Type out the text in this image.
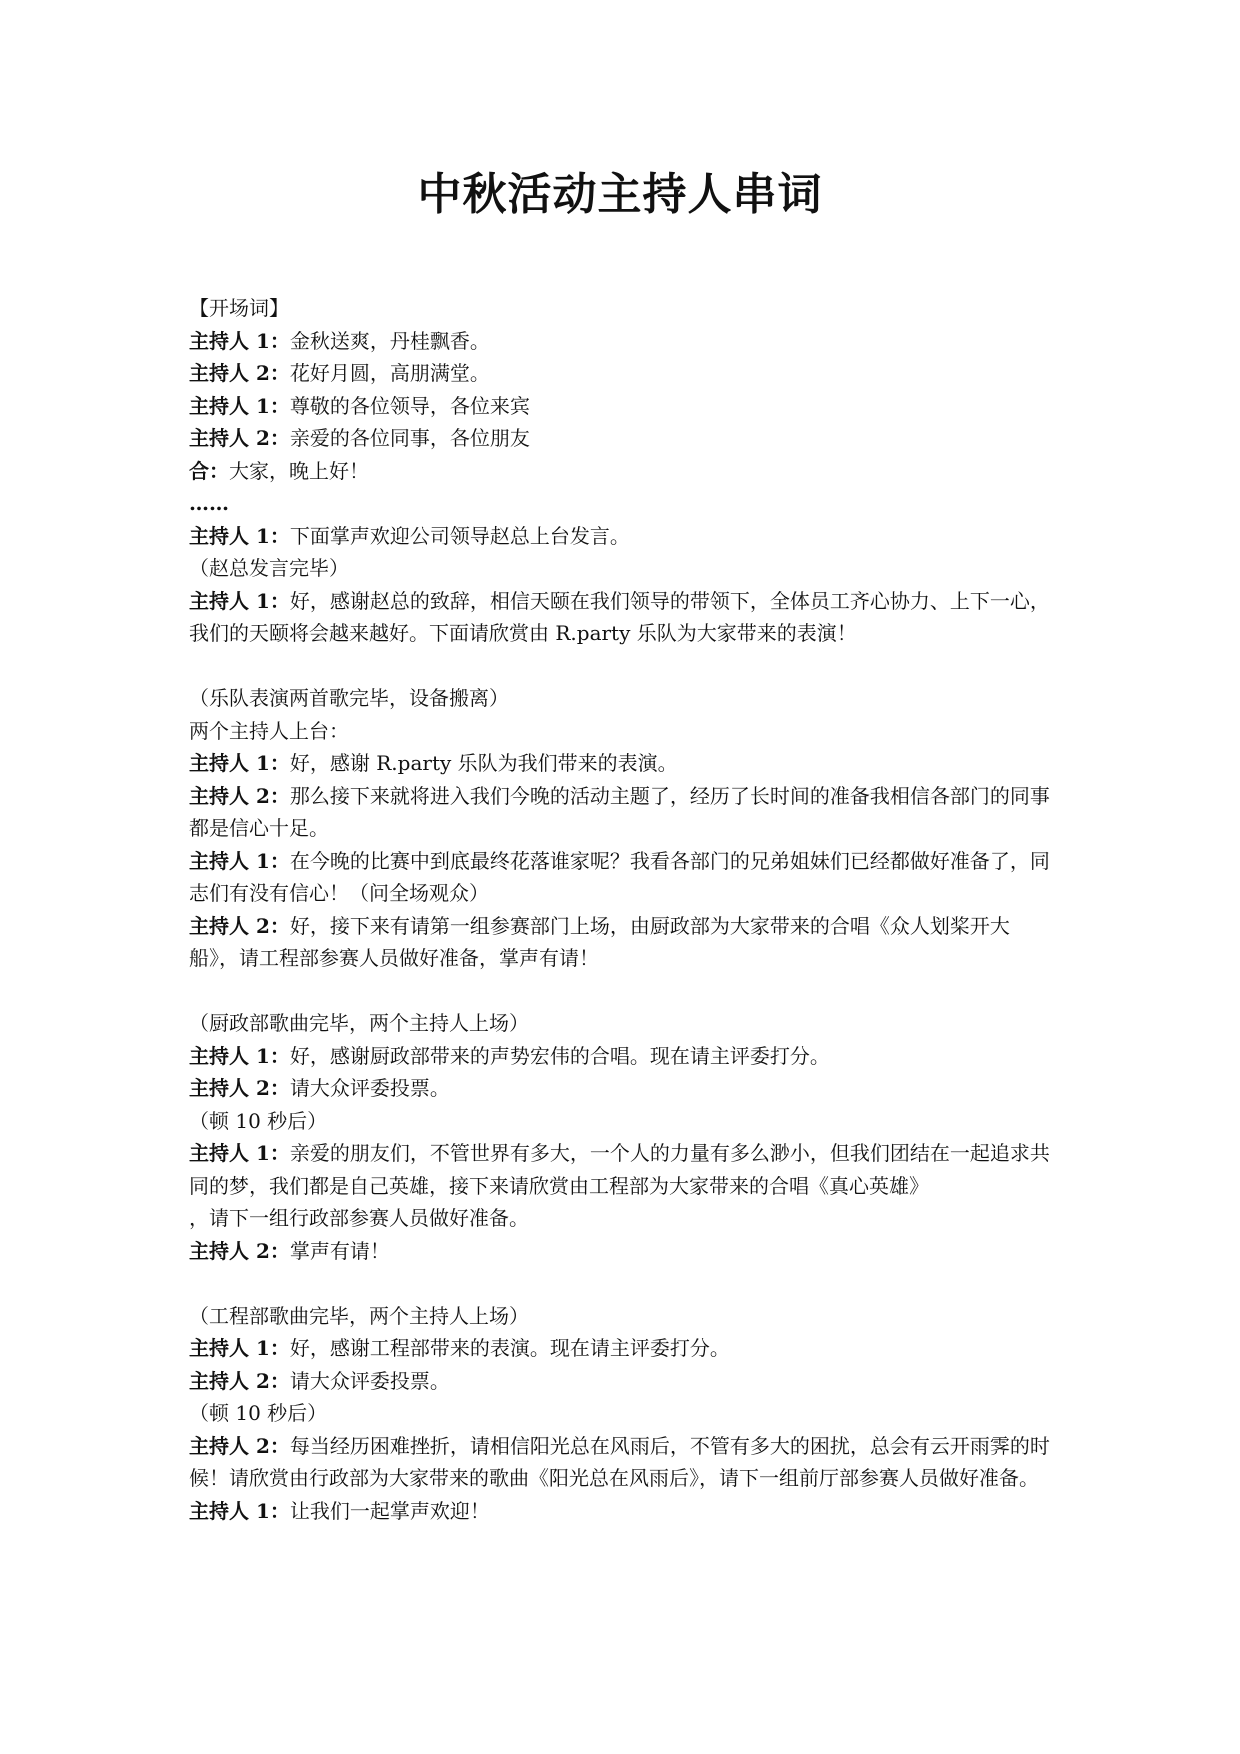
中秋活动主持人串词
【开场词】
主持人 1：金秋送爽，丹桂飘香。
主持人 2：花好月圆，高朋满堂。
主持人 1：尊敬的各位领导，各位来宾
主持人 2：亲爱的各位同事，各位朋友
合：大家，晚上好！
……
主持人 1：下面掌声欢迎公司领导赵总上台发言。
（赵总发言完毕）
主持人 1：好，感谢赵总的致辞，相信天颐在我们领导的带领下，全体员工齐心协力、上下一心，我们的天颐将会越来越好。下面请欣赏由 R.party 乐队为大家带来的表演！
（乐队表演两首歌完毕，设备搬离）
两个主持人上台：
主持人 1：好，感谢 R.party 乐队为我们带来的表演。
主持人 2：那么接下来就将进入我们今晚的活动主题了，经历了长时间的准备我相信各部门的同事都是信心十足。
主持人 1：在今晚的比赛中到底最终花落谁家呢？我看各部门的兄弟姐妹们已经都做好准备了，同志们有没有信心！（问全场观众）
主持人 2：好，接下来有请第一组参赛部门上场，由厨政部为大家带来的合唱《众人划桨开大船》，请工程部参赛人员做好准备，掌声有请！
（厨政部歌曲完毕，两个主持人上场）
主持人 1：好，感谢厨政部带来的声势宏伟的合唱。现在请主评委打分。
主持人 2：请大众评委投票。
（顿 10 秒后）
主持人 1：亲爱的朋友们，不管世界有多大，一个人的力量有多么渺小，但我们团结在一起追求共同的梦，我们都是自己英雄，接下来请欣赏由工程部为大家带来的合唱《真心英雄》
，请下一组行政部参赛人员做好准备。
主持人 2：掌声有请！
（工程部歌曲完毕，两个主持人上场）
主持人 1：好，感谢工程部带来的表演。现在请主评委打分。
主持人 2：请大众评委投票。
（顿 10 秒后）
主持人 2：每当经历困难挫折，请相信阳光总在风雨后，不管有多大的困扰，总会有云开雨霁的时候！请欣赏由行政部为大家带来的歌曲《阳光总在风雨后》，请下一组前厅部参赛人员做好准备。
主持人 1：让我们一起掌声欢迎！
